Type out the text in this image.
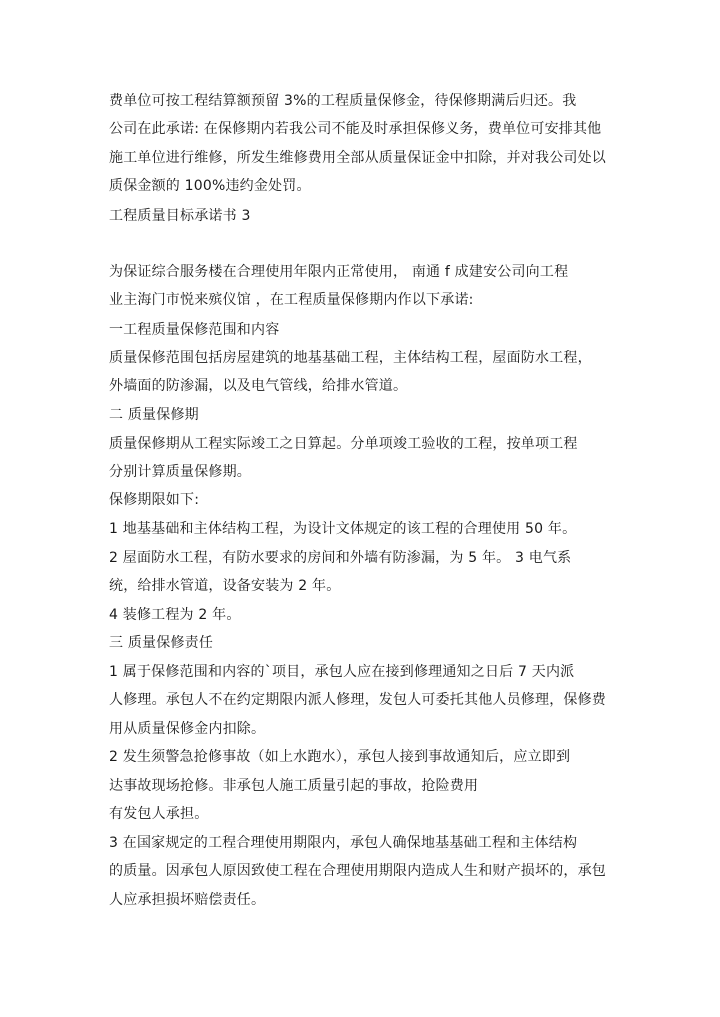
费单位可按工程结算额预留 3%的工程质量保修金，待保修期满后归还。我
公司在此承诺: 在保修期内若我公司不能及时承担保修义务，费单位可安排其他
施工单位进行维修，所发生维修费用全部从质量保证金中扣除，并对我公司处以
质保金额的 100%违约金处罚。
工程质量目标承诺书 3
为保证综合服务楼在合理使用年限内正常使用， 南通 f 成建安公司向工程
业主海门市悦来殡仪馆 ，在工程质量保修期内作以下承诺:
一工程质量保修范围和内容
质量保修范围包括房屋建筑的地基基础工程，主体结构工程，屋面防水工程，
外墙面的防渗漏，以及电气管线，给排水管道。
二 质量保修期
质量保修期从工程实际竣工之日算起。分单项竣工验收的工程，按单项工程
分别计算质量保修期。
保修期限如下:
1 地基基础和主体结构工程，为设计文体规定的该工程的合理使用 50 年。
2 屋面防水工程，有防水要求的房间和外墙有防渗漏，为 5 年。 3 电气系
统，给排水管道，设备安装为 2 年。
4 装修工程为 2 年。
三 质量保修责任
1 属于保修范围和内容的`项目，承包人应在接到修理通知之日后 7 天内派
人修理。承包人不在约定期限内派人修理，发包人可委托其他人员修理，保修费
用从质量保修金内扣除。
2 发生须警急抢修事故（如上水跑水），承包人接到事故通知后，应立即到
达事故现场抢修。非承包人施工质量引起的事故，抢险费用
有发包人承担。
3 在国家规定的工程合理使用期限内，承包人确保地基基础工程和主体结构
的质量。因承包人原因致使工程在合理使用期限内造成人生和财产损坏的，承包
人应承担损坏赔偿责任。
